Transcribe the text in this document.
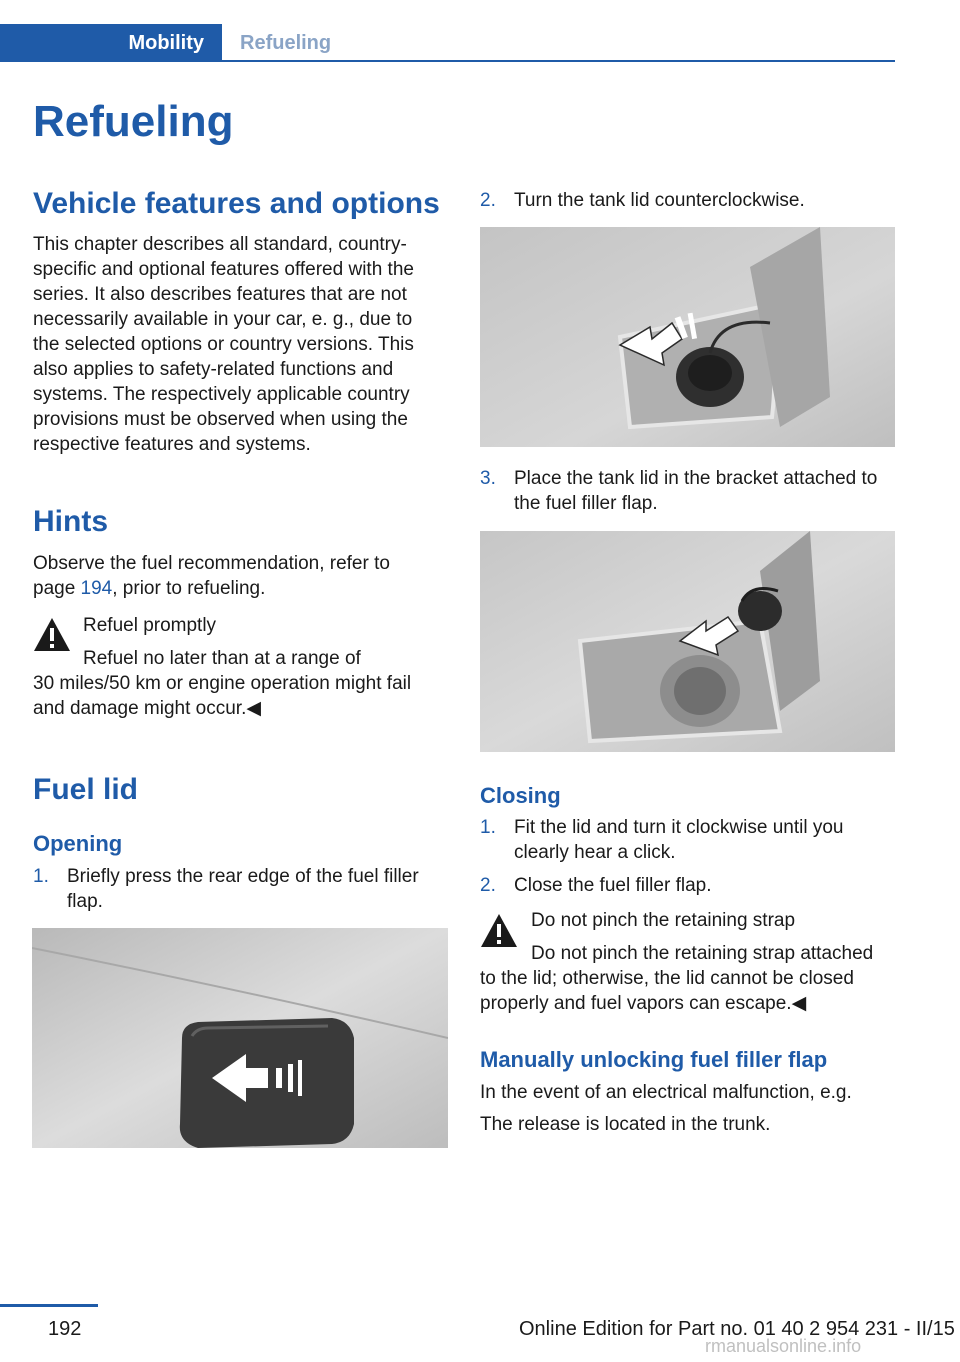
Mobility	Refueling
Refueling
Vehicle features and options
This chapter describes all standard, country-
specific and optional features offered with the
series. It also describes features that are not
necessarily available in your car, e. g., due to
the selected options or country versions. This
also applies to safety-related functions and
systems. The respectively applicable country
provisions must be observed when using the
respective features and systems.
Hints
Observe the fuel recommendation, refer to
page 194, prior to refueling.
Refuel promptly
Refuel no later than at a range of
30 miles/50 km or engine operation might fail
and damage might occur.◀
Fuel lid
Opening
1. Briefly press the rear edge of the fuel filler
flap.
2. Turn the tank lid counterclockwise.
3. Place the tank lid in the bracket attached to
the fuel filler flap.
Closing
1. Fit the lid and turn it clockwise until you
clearly hear a click.
2. Close the fuel filler flap.
Do not pinch the retaining strap
Do not pinch the retaining strap attached
to the lid; otherwise, the lid cannot be closed
properly and fuel vapors can escape.◀
Manually unlocking fuel filler flap
In the event of an electrical malfunction, e.g.
The release is located in the trunk.
192	Online Edition for Part no. 01 40 2 954 231 - II/15
rmanualsonline.info
